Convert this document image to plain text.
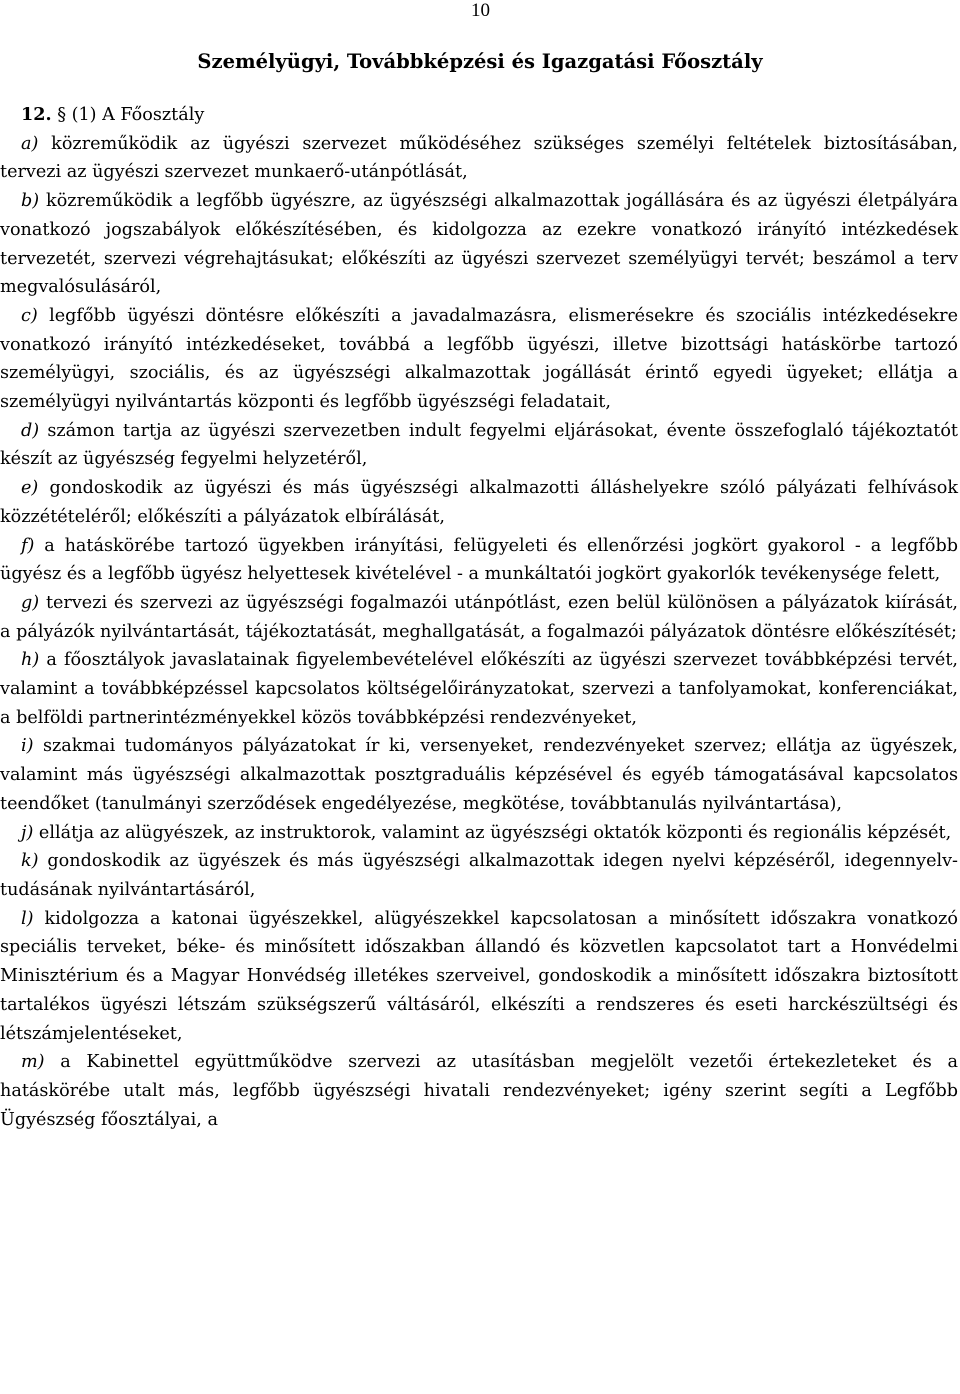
10
Személyügyi, Továbbképzési és Igazgatási Főosztály

12. § (1) A Főosztály

a) közreműködik az ügyészi szervezet működéséhez szükséges személyi feltételek biztosításában, tervezi az ügyészi szervezet munkaerő-utánpótlását,

b) közreműködik a legfőbb ügyészre, az ügyészségi alkalmazottak jogállására és az ügyészi életpályára vonatkozó jogszabályok előkészítésében, és kidolgozza az ezekre vonatkozó irányító intézkedések tervezetét, szervezi végrehajtásukat; előkészíti az ügyészi szervezet személyügyi tervét; beszámol a terv megvalósulásáról,

c) legfőbb ügyészi döntésre előkészíti a javadalmazásra, elismerésekre és szociális intézkedésekre vonatkozó irányító intézkedéseket, továbbá a legfőbb ügyészi, illetve bizottsági hatáskörbe tartozó személyügyi, szociális, és az ügyészségi alkalmazottak jogállását érintő egyedi ügyeket; ellátja a személyügyi nyilvántartás központi és legfőbb ügyészségi feladatait,

d) számon tartja az ügyészi szervezetben indult fegyelmi eljárásokat, évente összefoglaló tájékoztatót készít az ügyészség fegyelmi helyzetéről,

e) gondoskodik az ügyészi és más ügyészségi alkalmazotti álláshelyekre szóló pályázati felhívások közzétételéről; előkészíti a pályázatok elbírálását,

f) a hatáskörébe tartozó ügyekben irányítási, felügyeleti és ellenőrzési jogkört gyakorol - a legfőbb ügyész és a legfőbb ügyész helyettesek kivételével - a munkáltatói jogkört gyakorlók tevékenysége felett,

g) tervezi és szervezi az ügyészségi fogalmazói utánpótlást, ezen belül különösen a pályázatok kiírását, a pályázók nyilvántartását, tájékoztatását, meghallgatását, a fogalmazói pályázatok döntésre előkészítését;

h) a főosztályok javaslatainak figyelembevételével előkészíti az ügyészi szervezet továbbképzési tervét, valamint a továbbképzéssel kapcsolatos költségelőirányzatokat, szervezi a tanfolyamokat, konferenciákat, a belföldi partnerintézményekkel közös továbbképzési rendezvényeket,

i) szakmai tudományos pályázatokat ír ki, versenyeket, rendezvényeket szervez; ellátja az ügyészek, valamint más ügyészségi alkalmazottak posztgraduális képzésével és egyéb támogatásával kapcsolatos teendőket (tanulmányi szerződések engedélyezése, megkötése, továbbtanulás nyilvántartása),

j) ellátja az alügyészek, az instruktorok, valamint az ügyészségi oktatók központi és regionális képzését,

k) gondoskodik az ügyészek és más ügyészségi alkalmazottak idegen nyelvi képzéséről, idegennyelv-tudásának nyilvántartásáról,

l) kidolgozza a katonai ügyészekkel, alügyészekkel kapcsolatosan a minősített időszakra vonatkozó speciális terveket, béke- és minősített időszakban állandó és közvetlen kapcsolatot tart a Honvédelmi Minisztérium és a Magyar Honvédség illetékes szerveivel, gondoskodik a minősített időszakra biztosított tartalékos ügyészi létszám szükségszerű váltásáról, elkészíti a rendszeres és eseti harckészültségi és létszámjelentéseket,

m) a Kabinettel együttműködve szervezi az utasításban megjelölt vezetői értekezleteket és a hatáskörébe utalt más, legfőbb ügyészségi hivatali rendezvényeket; igény szerint segíti a Legfőbb Ügyészség főosztályai, a
